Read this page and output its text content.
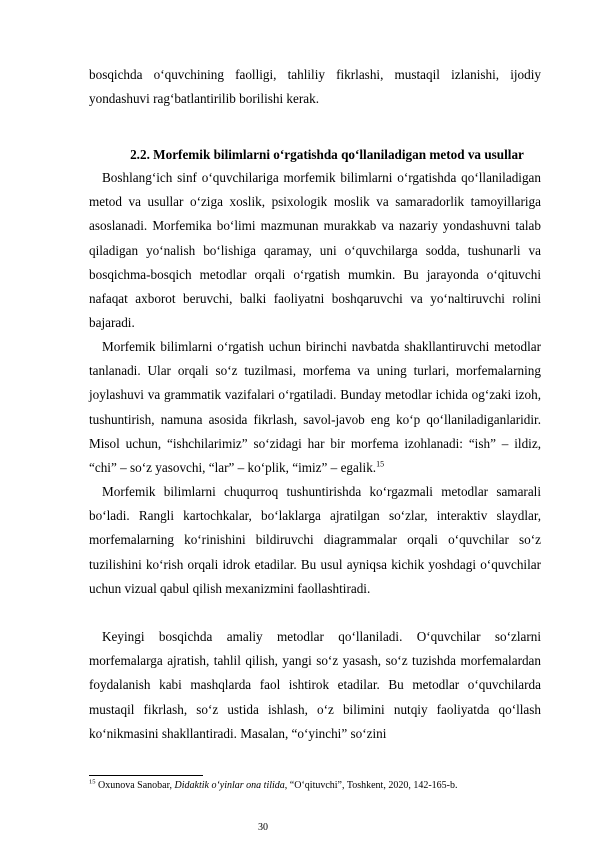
bosqichda o‘quvchining faolligi, tahliliy fikrlashi, mustaqil izlanishi, ijodiy yondashuvi rag‘batlantirilib borilishi kerak.

2.2. Morfemik bilimlarni o‘rgatishda qo‘llaniladigan metod va usullar

Boshlang‘ich sinf o‘quvchilariga morfemik bilimlarni o‘rgatishda qo‘llaniladigan metod va usullar o‘ziga xoslik, psixologik moslik va samaradorlik tamoyillariga asoslanadi. Morfemika bo‘limi mazmunan murakkab va nazariy yondashuvni talab qiladigan yo‘nalish bo‘lishiga qaramay, uni o‘quvchilarga sodda, tushunarli va bosqichma-bosqich metodlar orqali o‘rgatish mumkin. Bu jarayonda o‘qituvchi nafaqat axborot beruvchi, balki faoliyatni boshqaruvchi va yo‘naltiruvchi rolini bajaradi.

Morfemik bilimlarni o‘rgatish uchun birinchi navbatda shakllantiruvchi metodlar tanlanadi. Ular orqali so‘z tuzilmasi, morfema va uning turlari, morfemalarning joylashuvi va grammatik vazifalari o‘rgatiladi. Bunday metodlar ichida og‘zaki izoh, tushuntirish, namuna asosida fikrlash, savol-javob eng ko‘p qo‘llaniladiganlaridir. Misol uchun, “ishchilarimiz” so‘zidagi har bir morfema izohlanadi: “ish” – ildiz, “chi” – so‘z yasovchi, “lar” – ko‘plik, “imiz” – egalik.$^{15}$

Morfemik bilimlarni chuqurroq tushuntirishda ko‘rgazmali metodlar samarali bo‘ladi. Rangli kartochkalar, bo‘laklarga ajratilgan so‘zlar, interaktiv slaydlar, morfemalarning ko‘rinishini bildiruvchi diagrammalar orqali o‘quvchilar so‘z tuzilishini ko‘rish orqali idrok etadilar. Bu usul ayniqsa kichik yoshdagi o‘quvchilar uchun vizual qabul qilish mexanizmini faollashtiradi.

Keyingi bosqichda amaliy metodlar qo‘llaniladi. O‘quvchilar so‘zlarni morfemalarga ajratish, tahlil qilish, yangi so‘z yasash, so‘z tuzishda morfemalardan foydalanish kabi mashqlarda faol ishtirok etadilar. Bu metodlar o‘quvchilarda mustaqil fikrlash, so‘z ustida ishlash, o‘z bilimini nutqiy faoliyatda qo‘llash ko‘nikmasini shakllantiradi. Masalan, “o‘yinchi” so‘zini

$^{15}$ Oxunova Sanobar, Didaktik o‘yinlar ona tilida, “O‘qituvchi”, Toshkent, 2020, 142-165-b.
30
